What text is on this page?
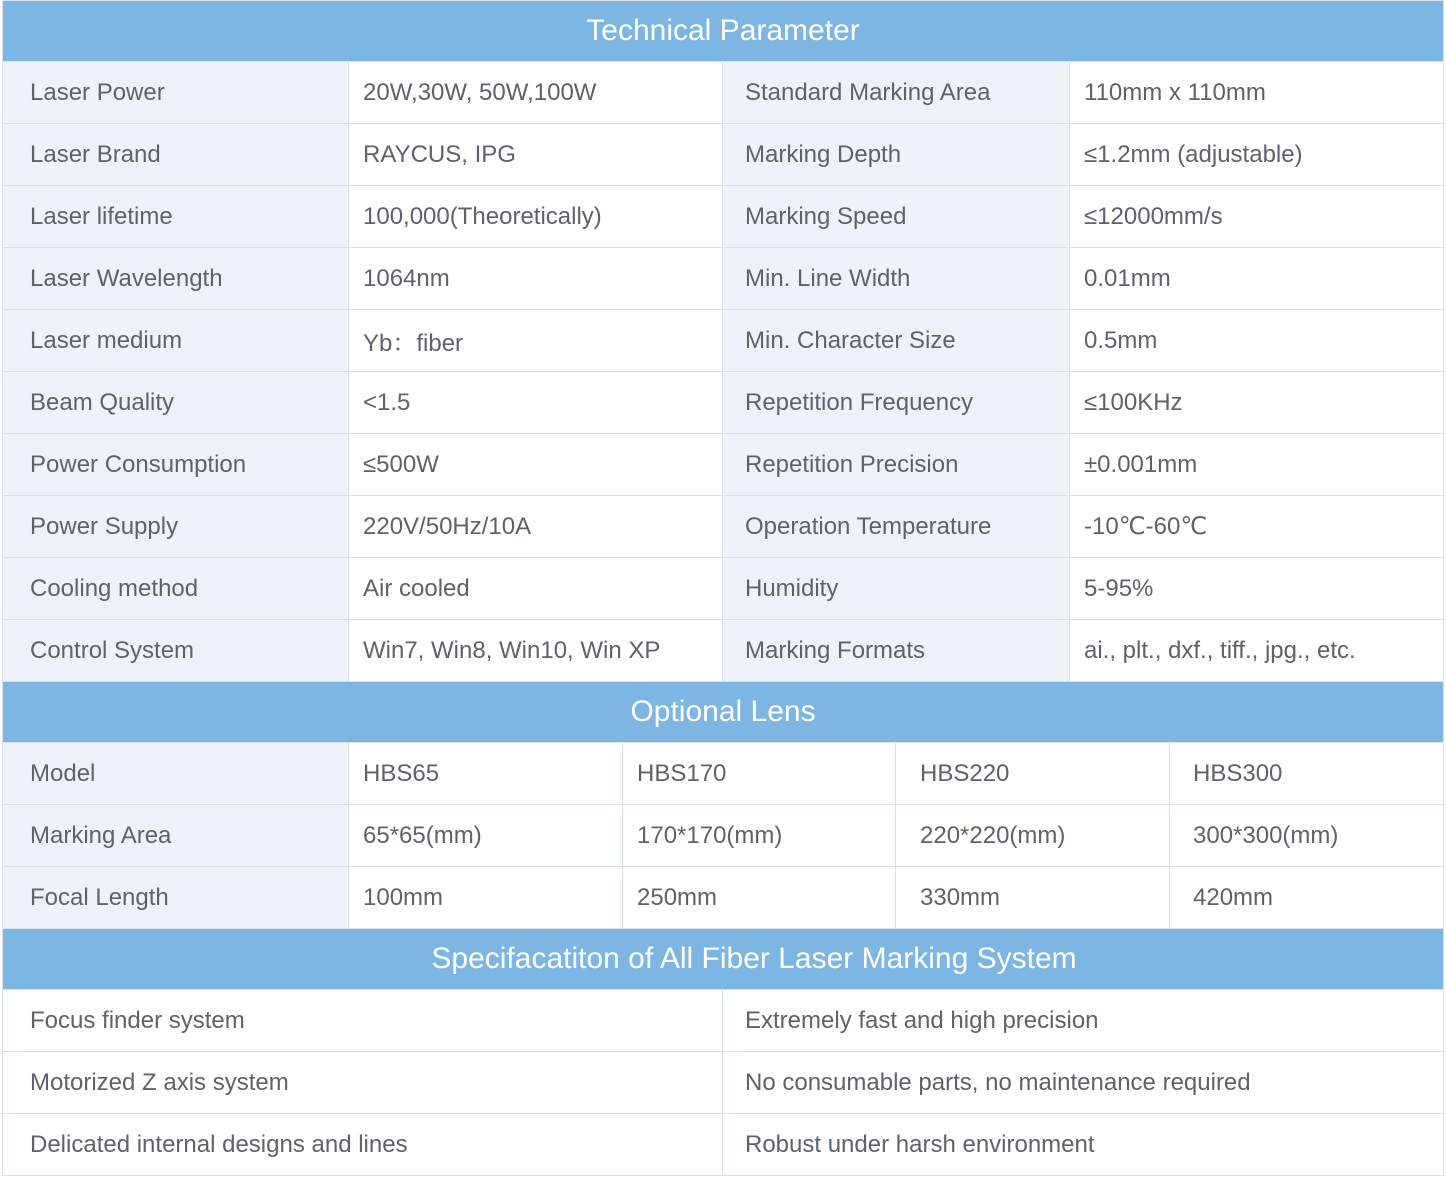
Technical Parameter						
Laser Power	20W,30W, 50W,100W		Standard Marking Area		110mm x 110mm	
Laser Brand	RAYCUS, IPG		Marking Depth		≤1.2mm (adjustable)	
Laser lifetime	100,000(Theoretically)		Marking Speed		≤12000mm/s	
Laser Wavelength	1064nm		Min. Line Width		0.01mm	
Laser medium	Yb：fiber		Min. Character Size		0.5mm	
Beam Quality	<1.5		Repetition Frequency		≤100KHz	
Power Consumption	≤500W		Repetition Precision		±0.001mm	
Power Supply	220V/50Hz/10A		Operation Temperature		-10℃-60℃	
Cooling method	Air cooled		Humidity		5-95%	
Control System	Win7, Win8, Win10, Win XP		Marking Formats		ai., plt., dxf., tiff., jpg., etc.	
Optional Lens						
Model	HBS65	HBS170		HBS220		HBS300
Marking Area	65*65(mm)	170*170(mm)		220*220(mm)		300*300(mm)
Focal Length	100mm	250mm		330mm		420mm
Specifacatiton of All Fiber Laser Marking System						
Focus finder system			Extremely fast and high precision			
Motorized Z axis system			No consumable parts, no maintenance required			
Delicated internal designs and lines			Robust under harsh environment			
